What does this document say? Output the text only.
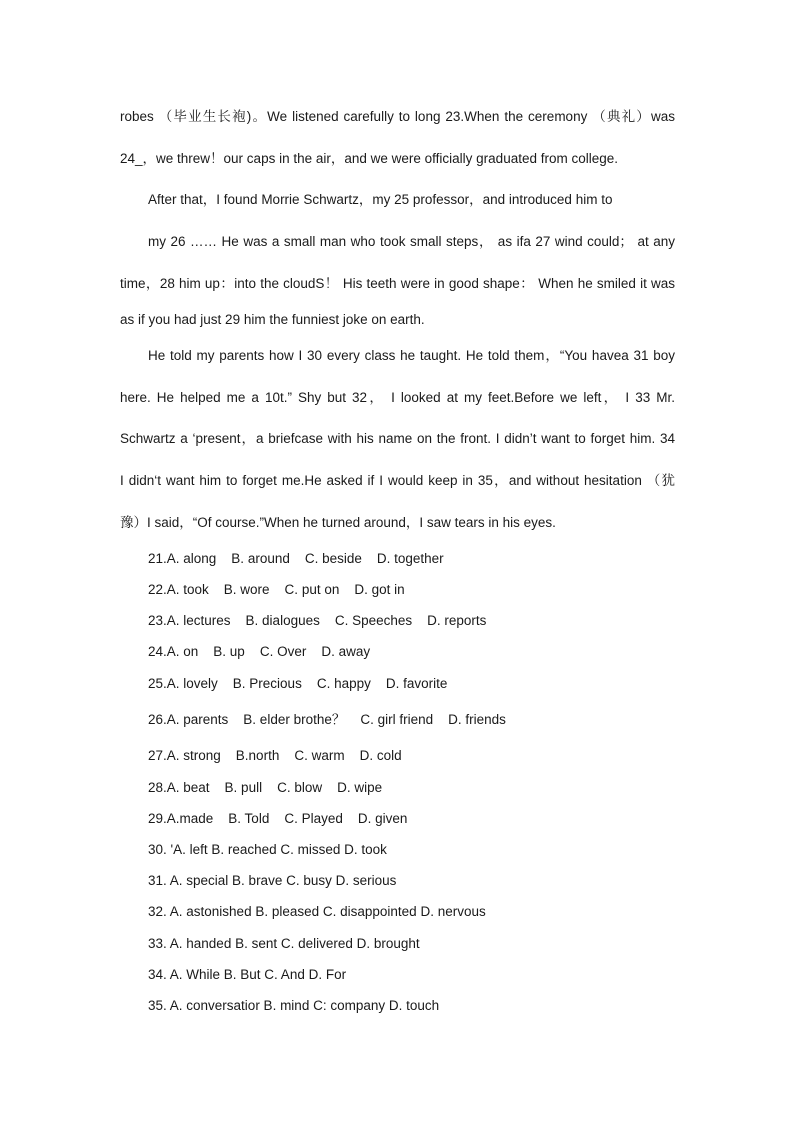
robes （毕业生长袍)。We listened carefully to long 23.When the ceremony （典礼）was
24_，we threw！our caps in the air，and we were officially graduated from college.
After that，I found Morrie Schwartz，my 25 professor，and introduced him to
my 26 …… He was a small man who took small steps， as ifa 27 wind could； at any
time，28 him up：into the cloudS！ His teeth were in good shape： When he smiled it was
as if you had just 29 him the funniest joke on earth.
He told my parents how I 30 every class he taught. He told them，“You havea 31 boy
here. He helped me a 10t.” Shy but 32， I looked at my feet.Before we left， I 33 Mr.
Schwartz a ‘present，a briefcase with his name on the front. I didn’t want to forget him. 34
I didn‘t want him to forget me.He asked if I would keep in 35，and without hesitation （犹
豫）I said，“Of course.”When he turned around，I saw tears in his eyes.
21.A. along    B. around    C. beside    D. together
22.A. took    B. wore    C. put on    D. got in
23.A. lectures    B. dialogues    C. Speeches    D. reports
24.A. on    B. up    C. Over    D. away
25.A. lovely    B. Precious    C. happy    D. favorite
26.A. parents    B. elder brothe？    C. girl friend    D. friends
27.A. strong    B.north    C. warm    D. cold
28.A. beat    B. pull    C. blow    D. wipe
29.A.made    B. Told    C. Played    D. given
30. 'A. left B. reached C. missed D. took
31. A. special B. brave C. busy D. serious
32. A. astonished B. pleased C. disappointed D. nervous
33. A. handed B. sent C. delivered D. brought
34. A. While B. But C. And D. For
35. A. conversatior B. mind C: company D. touch
